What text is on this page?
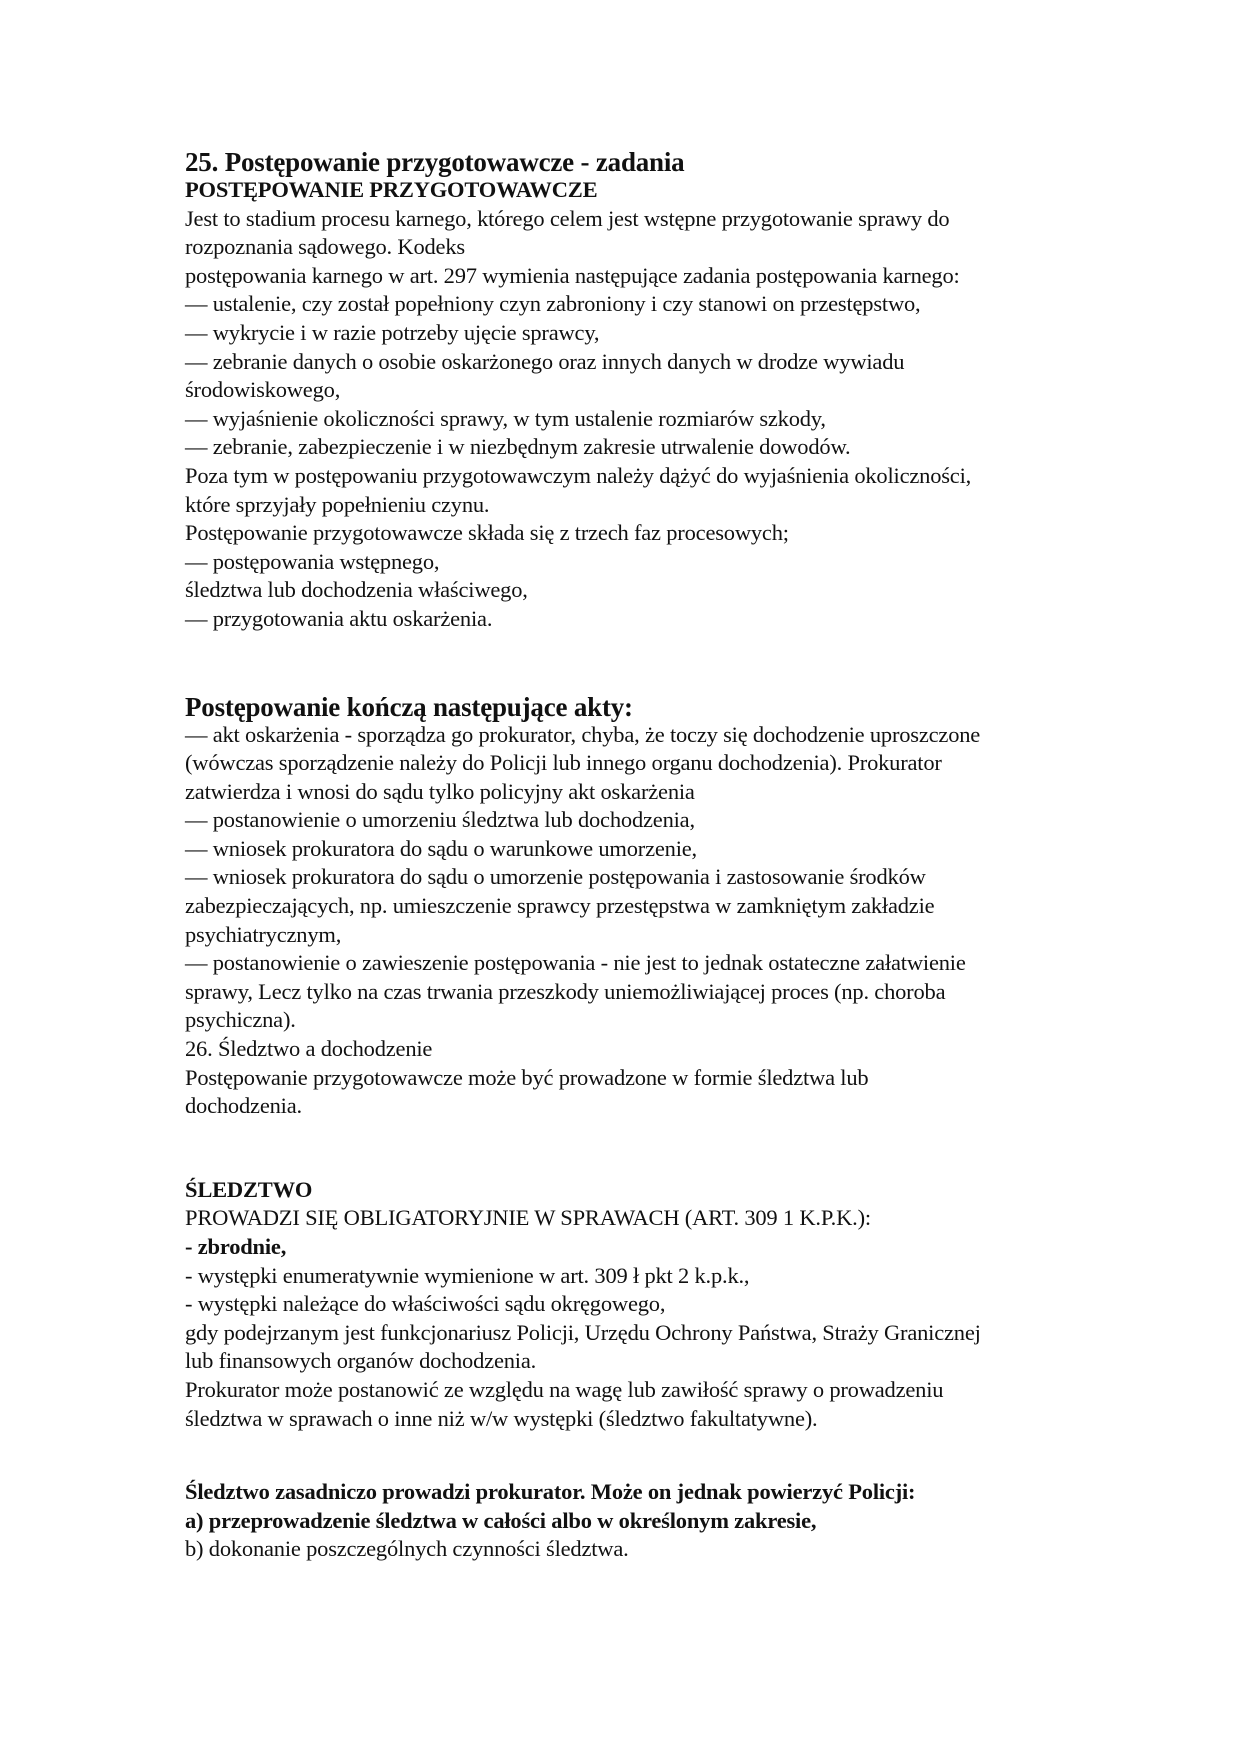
25. Postępowanie przygotowawcze - zadania
POSTĘPOWANIE PRZYGOTOWAWCZE
Jest to stadium procesu karnego, którego celem jest wstępne przygotowanie sprawy do
rozpoznania sądowego. Kodeks
postępowania karnego w art. 297 wymienia następujące zadania postępowania karnego:
— ustalenie, czy został popełniony czyn zabroniony i czy stanowi on przestępstwo,
— wykrycie i w razie potrzeby ujęcie sprawcy,
— zebranie danych o osobie oskarżonego oraz innych danych w drodze wywiadu
środowiskowego,
— wyjaśnienie okoliczności sprawy, w tym ustalenie rozmiarów szkody,
— zebranie, zabezpieczenie i w niezbędnym zakresie utrwalenie dowodów.
Poza tym w postępowaniu przygotowawczym należy dążyć do wyjaśnienia okoliczności,
które sprzyjały popełnieniu czynu.
Postępowanie przygotowawcze składa się z trzech faz procesowych;
— postępowania wstępnego,
śledztwa lub dochodzenia właściwego,
— przygotowania aktu oskarżenia.
Postępowanie kończą następujące akty:
— akt oskarżenia - sporządza go prokurator, chyba, że toczy się dochodzenie uproszczone
(wówczas sporządzenie należy do Policji lub innego organu dochodzenia). Prokurator
zatwierdza i wnosi do sądu tylko policyjny akt oskarżenia
— postanowienie o umorzeniu śledztwa lub dochodzenia,
— wniosek prokuratora do sądu o warunkowe umorzenie,
— wniosek prokuratora do sądu o umorzenie postępowania i zastosowanie środków
zabezpieczających, np. umieszczenie sprawcy przestępstwa w zamkniętym zakładzie
psychiatrycznym,
— postanowienie o zawieszenie postępowania - nie jest to jednak ostateczne załatwienie
sprawy, Lecz tylko na czas trwania przeszkody uniemożliwiającej proces (np. choroba
psychiczna).
26. Śledztwo a dochodzenie
Postępowanie przygotowawcze może być prowadzone w formie śledztwa lub
dochodzenia.
ŚLEDZTWO
PROWADZI SIĘ OBLIGATORYJNIE W SPRAWACH (ART. 309 1 K.P.K.):
- zbrodnie,
- występki enumeratywnie wymienione w art. 309 ł pkt 2 k.p.k.,
- występki należące do właściwości sądu okręgowego,
gdy podejrzanym jest funkcjonariusz Policji, Urzędu Ochrony Państwa, Straży Granicznej
lub finansowych organów dochodzenia.
Prokurator może postanowić ze względu na wagę lub zawiłość sprawy o prowadzeniu
śledztwa w sprawach o inne niż w/w występki (śledztwo fakultatywne).
Śledztwo zasadniczo prowadzi prokurator. Może on jednak powierzyć Policji:
a) przeprowadzenie śledztwa w całości albo w określonym zakresie,
b) dokonanie poszczególnych czynności śledztwa.
